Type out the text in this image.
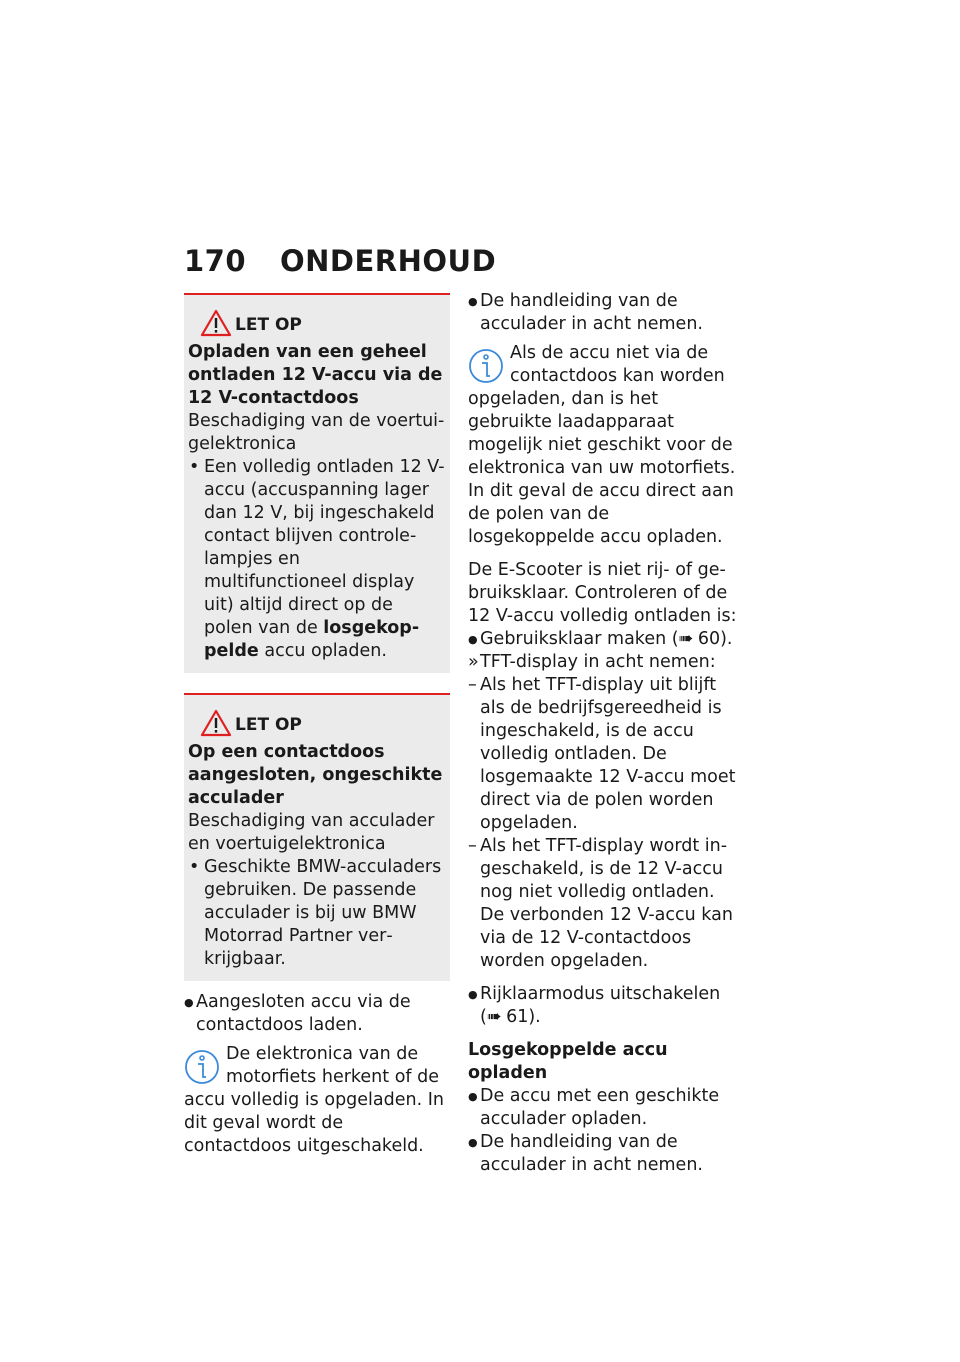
170 ONDERHOUD
LET OP
Opladen van een geheel ontladen 12 V-accu via de 12 V-contactdoos
Beschadiging van de voertuigelektronica
• Een volledig ontladen 12 V-accu (accuspanning lager dan 12 V, bij ingeschakeld contact blijven controlelampjes en multifunctioneel display uit) altijd direct op de polen van de losgekoppelde accu opladen.
LET OP
Op een contactdoos aangesloten, ongeschikte acculader
Beschadiging van acculader en voertuigelektronica
• Geschikte BMW-acculaders gebruiken. De passende acculader is bij uw BMW Motorrad Partner verkrijgbaar.
● Aangesloten accu via de contactdoos laden.
De elektronica van de motorfiets herkent of de accu volledig is opgeladen. In dit geval wordt de contactdoos uitgeschakeld.
● De handleiding van de acculader in acht nemen.
Als de accu niet via de contactdoos kan worden opgeladen, dan is het gebruikte laadapparaat mogelijk niet geschikt voor de elektronica van uw motorfiets. In dit geval de accu direct aan de polen van de losgekoppelde accu opladen.
De E-Scooter is niet rij- of gebruiksklaar. Controleren of de 12 V-accu volledig ontladen is:
● Gebruiksklaar maken (➠ 60).
» TFT-display in acht nemen:
– Als het TFT-display uit blijft als de bedrijfsgereedheid is ingeschakeld, is de accu volledig ontladen. De losgemaakte 12 V-accu moet direct via de polen worden opgeladen.
– Als het TFT-display wordt ingeschakeld, is de 12 V-accu nog niet volledig ontladen. De verbonden 12 V-accu kan via de 12 V-contactdoos worden opgeladen.
● Rijklaarmodus uitschakelen (➠ 61).
Losgekoppelde accu opladen
● De accu met een geschikte acculader opladen.
● De handleiding van de acculader in acht nemen.
